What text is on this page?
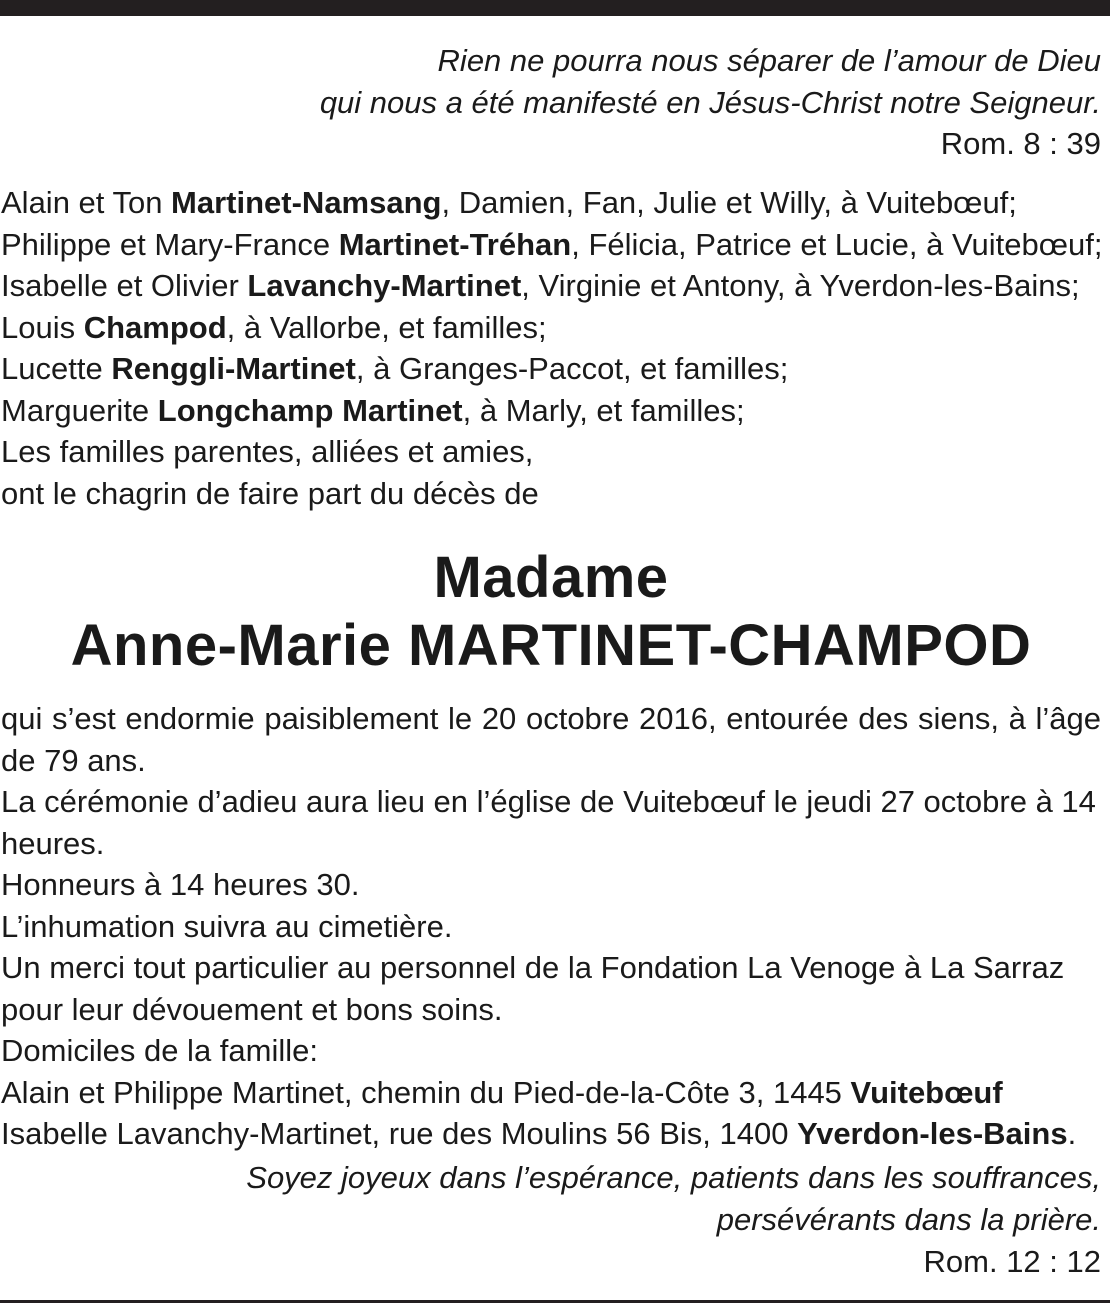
Rien ne pourra nous séparer de l’amour de Dieu
qui nous a été manifesté en Jésus-Christ notre Seigneur.
Rom. 8 : 39
Alain et Ton Martinet-Namsang, Damien, Fan, Julie et Willy, à Vuitebœuf;
Philippe et Mary-France Martinet-Tréhan, Félicia, Patrice et Lucie, à Vuitebœuf;
Isabelle et Olivier Lavanchy-Martinet, Virginie et Antony, à Yverdon-les-Bains;
Louis Champod, à Vallorbe, et familles;
Lucette Renggli-Martinet, à Granges-Paccot, et familles;
Marguerite Longchamp Martinet, à Marly, et familles;
Les familles parentes, alliées et amies,
ont le chagrin de faire part du décès de
Madame
Anne-Marie MARTINET-CHAMPOD
qui s’est endormie paisiblement le 20 octobre 2016, entourée des siens, à l’âge de 79 ans.
La cérémonie d’adieu aura lieu en l’église de Vuitebœuf le jeudi 27 octobre à 14 heures.
Honneurs à 14 heures 30.
L’inhumation suivra au cimetière.
Un merci tout particulier au personnel de la Fondation La Venoge à La Sarraz pour leur dévouement et bons soins.
Domiciles de la famille:
Alain et Philippe Martinet, chemin du Pied-de-la-Côte 3, 1445 Vuitebœuf
Isabelle Lavanchy-Martinet, rue des Moulins 56 Bis, 1400 Yverdon-les-Bains.
Soyez joyeux dans l’espérance, patients dans les souffrances,
persévérants dans la prière.
Rom. 12 : 12
